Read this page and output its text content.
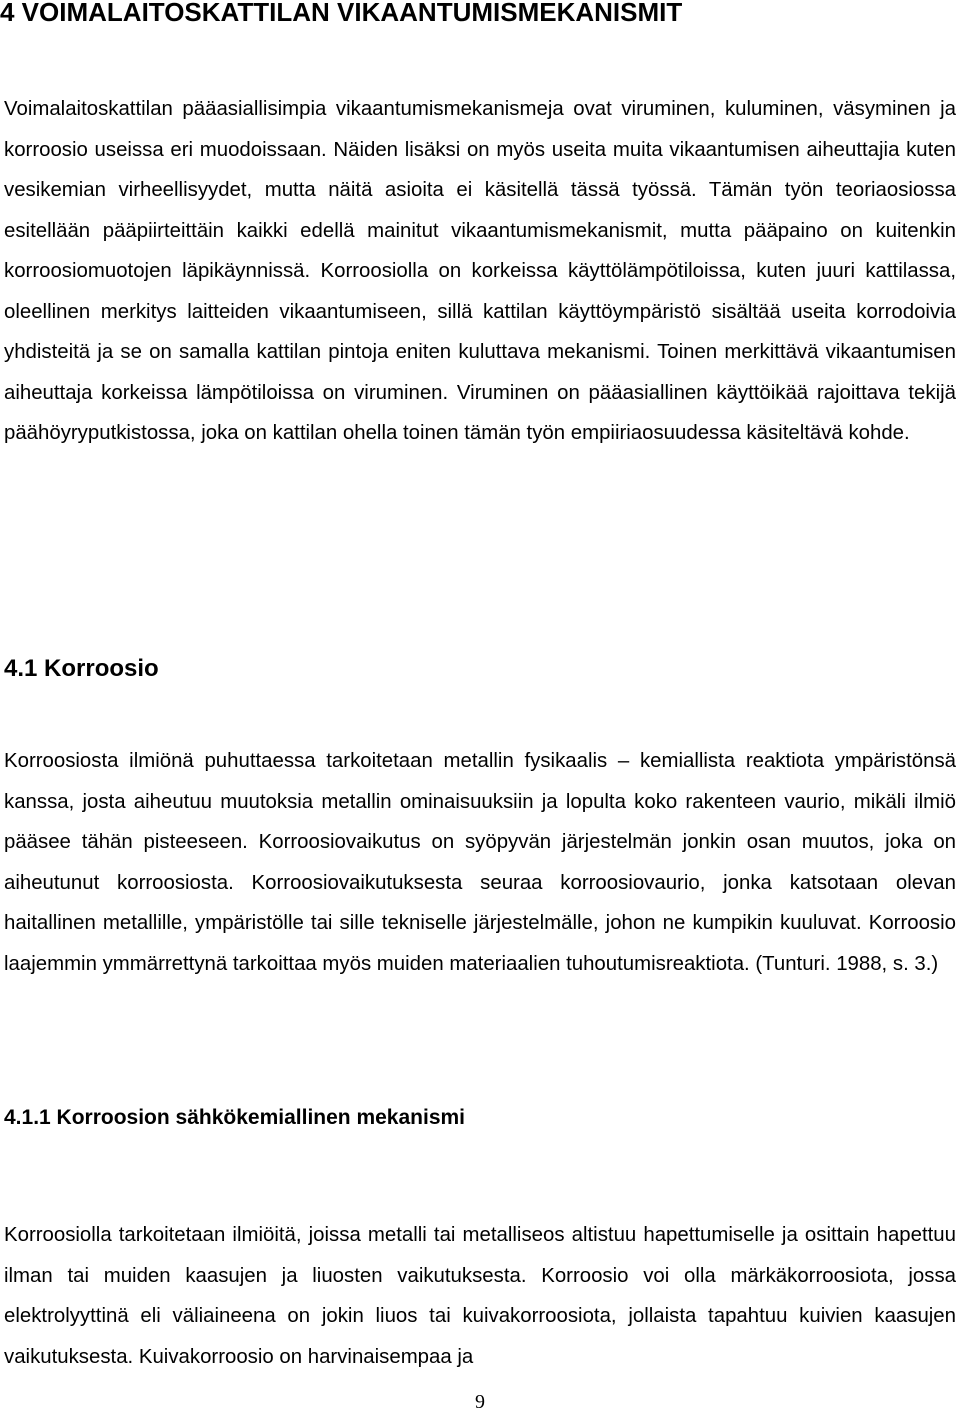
4 VOIMALAITOSKATTILAN VIKAANTUMISMEKANISMIT

Voimalaitoskattilan pääasiallisimpia vikaantumismekanismeja ovat viruminen, kuluminen, väsyminen ja korroosio useissa eri muodoissaan. Näiden lisäksi on myös useita muita vikaantumisen aiheuttajia kuten vesikemian virheellisyydet, mutta näitä asioita ei käsitellä tässä työssä. Tämän työn teoriaosiossa esitellään pääpiirteittäin kaikki edellä mainitut vikaantumismekanismit, mutta pääpaino on kuitenkin korroosiomuotojen läpikäynnissä. Korroosiolla on korkeissa käyttölämpötiloissa, kuten juuri kattilassa, oleellinen merkitys laitteiden vikaantumiseen, sillä kattilan käyttöympäristö sisältää useita korrodoivia yhdisteitä ja se on samalla kattilan pintoja eniten kuluttava mekanismi. Toinen merkittävä vikaantumisen aiheuttaja korkeissa lämpötiloissa on viruminen. Viruminen on pääasiallinen käyttöikää rajoittava tekijä päähöyryputkistossa, joka on kattilan ohella toinen tämän työn empiiriaosuudessa käsiteltävä kohde.

4.1 Korroosio

Korroosiosta ilmiönä puhuttaessa tarkoitetaan metallin fysikaalis – kemiallista reaktiota ympäristönsä kanssa, josta aiheutuu muutoksia metallin ominaisuuksiin ja lopulta koko rakenteen vaurio, mikäli ilmiö pääsee tähän pisteeseen. Korroosiovaikutus on syöpyvän järjestelmän jonkin osan muutos, joka on aiheutunut korroosiosta. Korroosiovaikutuksesta seuraa korroosiovaurio, jonka katsotaan olevan haitallinen metallille, ympäristölle tai sille tekniselle järjestelmälle, johon ne kumpikin kuuluvat. Korroosio laajemmin ymmärrettynä tarkoittaa myös muiden materiaalien tuhoutumisreaktiota. (Tunturi. 1988, s. 3.)

4.1.1 Korroosion sähkökemiallinen mekanismi

Korroosiolla tarkoitetaan ilmiöitä, joissa metalli tai metalliseos altistuu hapettumiselle ja osittain hapettuu ilman tai muiden kaasujen ja liuosten vaikutuksesta. Korroosio voi olla märkäkorroosiota, jossa elektrolyyttinä eli väliaineena on jokin liuos tai kuivakorroosiota, jollaista tapahtuu kuivien kaasujen vaikutuksesta. Kuivakorroosio on harvinaisempaa ja

9
